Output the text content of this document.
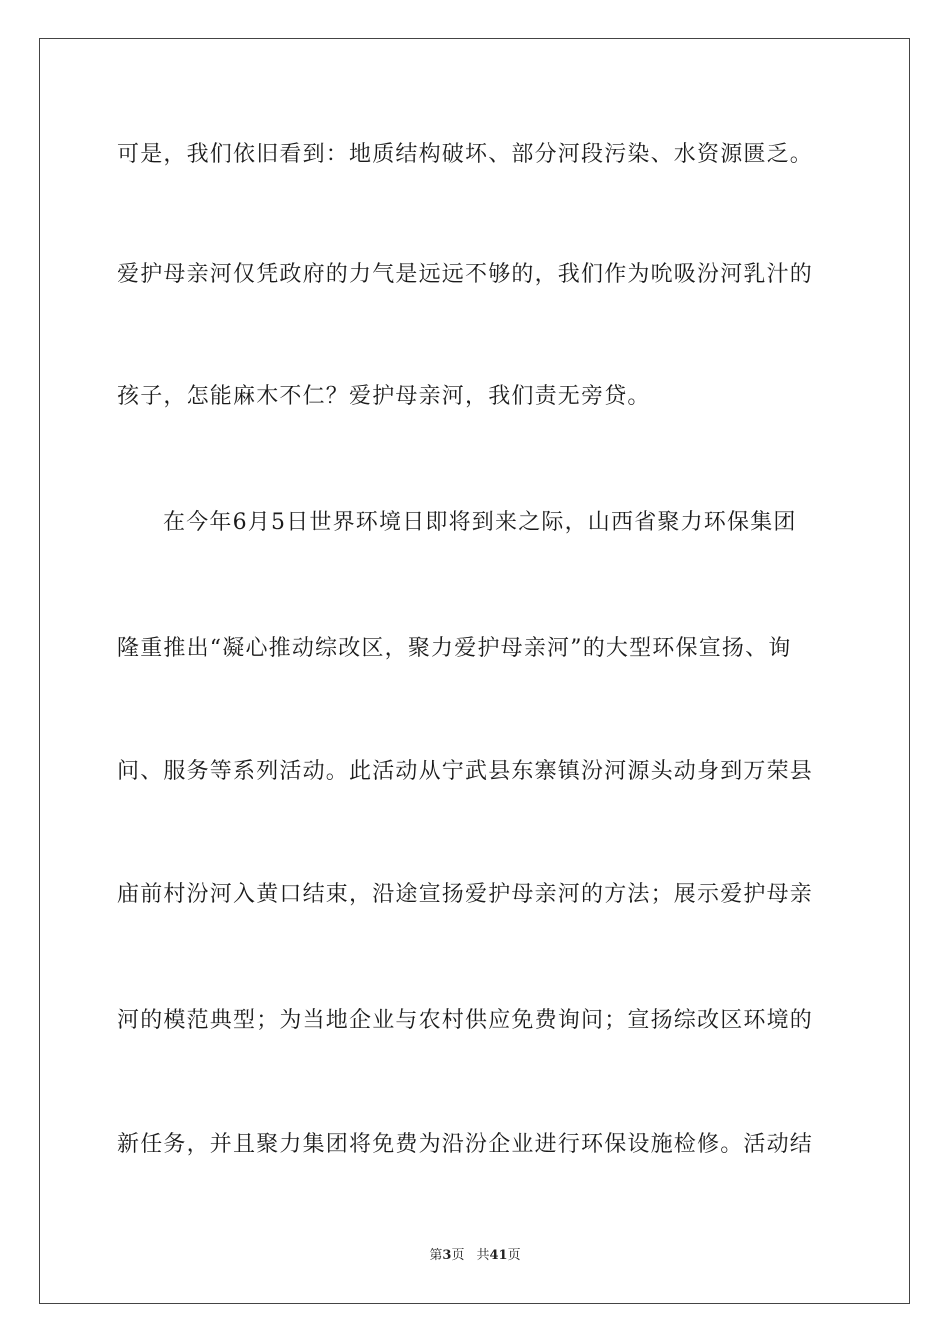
可是，我们依旧看到：地质结构破坏、部分河段污染、水资源匮乏。
爱护母亲河仅凭政府的力气是远远不够的，我们作为吮吸汾河乳汁的
孩子，怎能麻木不仁？爱护母亲河，我们责无旁贷。
在今年6月5日世界环境日即将到来之际，山西省聚力环保集团
隆重推出“凝心推动综改区，聚力爱护母亲河”的大型环保宣扬、询
问、服务等系列活动。此活动从宁武县东寨镇汾河源头动身到万荣县
庙前村汾河入黄口结束，沿途宣扬爱护母亲河的方法；展示爱护母亲
河的模范典型；为当地企业与农村供应免费询问；宣扬综改区环境的
新任务，并且聚力集团将免费为沿汾企业进行环保设施检修。活动结
第3页 共41页
